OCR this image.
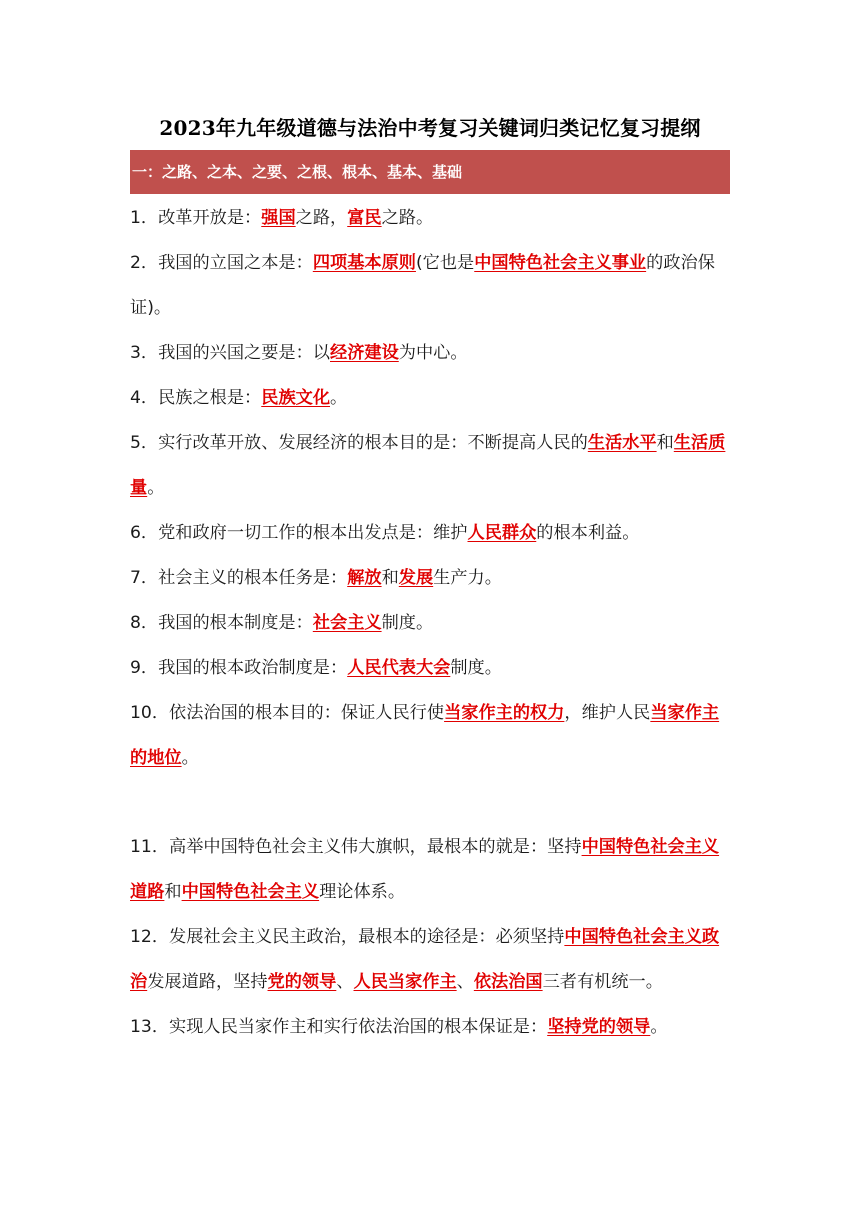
2023年九年级道德与法治中考复习关键词归类记忆复习提纲
一：之路、之本、之要、之根、根本、基本、基础

1．改革开放是：强国之路，富民之路。

2．我国的立国之本是：四项基本原则(它也是中国特色社会主义事业的政治保证)。

3．我国的兴国之要是：以经济建设为中心。

4．民族之根是：民族文化。

5．实行改革开放、发展经济的根本目的是：不断提高人民的生活水平和生活质量。

6．党和政府一切工作的根本出发点是：维护人民群众的根本利益。

7．社会主义的根本任务是：解放和发展生产力。

8．我国的根本制度是：社会主义制度。

9．我国的根本政治制度是：人民代表大会制度。

10．依法治国的根本目的：保证人民行使当家作主的权力，维护人民当家作主的地位。

11．高举中国特色社会主义伟大旗帜，最根本的就是：坚持中国特色社会主义道路和中国特色社会主义理论体系。

12．发展社会主义民主政治，最根本的途径是：必须坚持中国特色社会主义政治发展道路，坚持党的领导、人民当家作主、依法治国三者有机统一。

13．实现人民当家作主和实行依法治国的根本保证是：坚持党的领导。
